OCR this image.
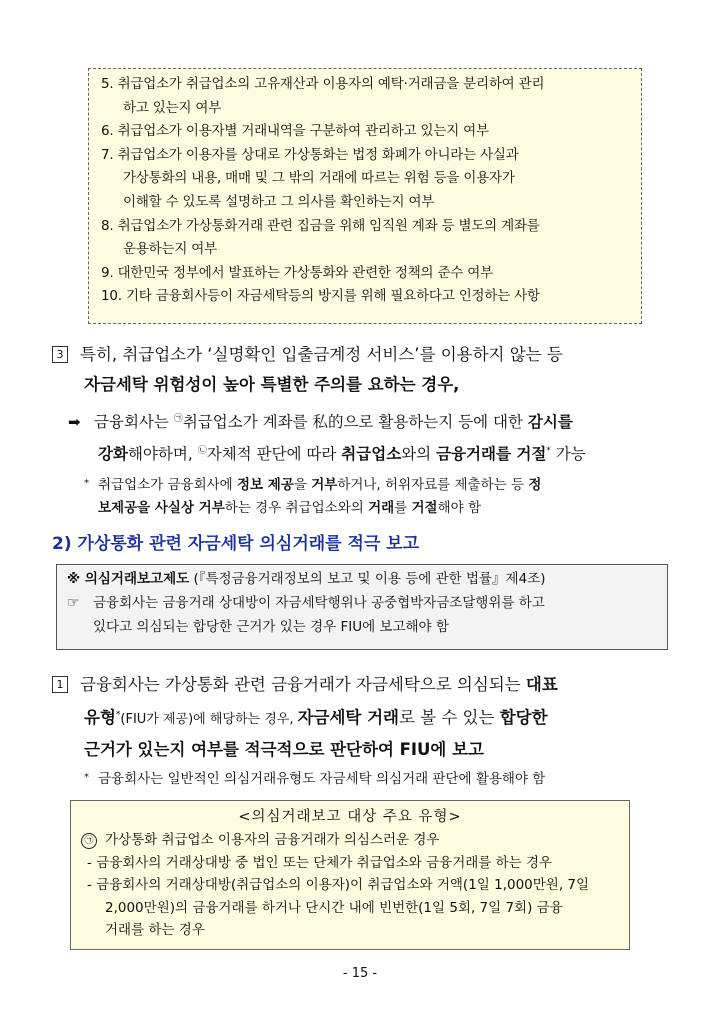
5. 취급업소가 취급업소의 고유재산과 이용자의 예탁·거래금을 분리하여 관리
하고 있는지 여부
6. 취급업소가 이용자별 거래내역을 구분하여 관리하고 있는지 여부
7. 취급업소가 이용자를 상대로 가상통화는 법정 화폐가 아니라는 사실과
가상통화의 내용, 매매 및 그 밖의 거래에 따르는 위험 등을 이용자가
이해할 수 있도록 설명하고 그 의사를 확인하는지 여부
8. 취급업소가 가상통화거래 관련 집금을 위해 임직원 계좌 등 별도의 계좌를
운용하는지 여부
9. 대한민국 정부에서 발표하는 가상통화와 관련한 정책의 준수 여부
10. 기타 금융회사등이 자금세탁등의 방지를 위해 필요하다고 인정하는 사항
3 특히, 취급업소가 ‘실명확인 입출금계정 서비스’를 이용하지 않는 등
자금세탁 위험성이 높아 특별한 주의를 요하는 경우,
➡ 금융회사는 ㉠취급업소가 계좌를 私的으로 활용하는지 등에 대한 감시를
강화해야하며, ㉡자체적 판단에 따라 취급업소와의 금융거래를 거절* 가능
* 취급업소가 금융회사에 정보 제공을 거부하거나, 허위자료를 제출하는 등 정
보제공을 사실상 거부하는 경우 취급업소와의 거래를 거절해야 함
2) 가상통화 관련 자금세탁 의심거래를 적극 보고
※ 의심거래보고제도 (『특정금융거래정보의 보고 및 이용 등에 관한 법률』제4조)
☞ 금융회사는 금융거래 상대방이 자금세탁행위나 공중협박자금조달행위를 하고
있다고 의심되는 합당한 근거가 있는 경우 FIU에 보고해야 함
1 금융회사는 가상통화 관련 금융거래가 자금세탁으로 의심되는 대표
유형*(FIU가 제공)에 해당하는 경우, 자금세탁 거래로 볼 수 있는 합당한
근거가 있는지 여부를 적극적으로 판단하여 FIU에 보고
* 금융회사는 일반적인 의심거래유형도 자금세탁 의심거래 판단에 활용해야 함
<의심거래보고 대상 주요 유형>
㉠ 가상통화 취급업소 이용자의 금융거래가 의심스러운 경우
- 금융회사의 거래상대방 중 법인 또는 단체가 취급업소와 금융거래를 하는 경우
- 금융회사의 거래상대방(취급업소의 이용자)이 취급업소와 거액(1일 1,000만원, 7일
2,000만원)의 금융거래를 하거나 단시간 내에 빈번한(1일 5회, 7일 7회) 금융
거래를 하는 경우
- 15 -
